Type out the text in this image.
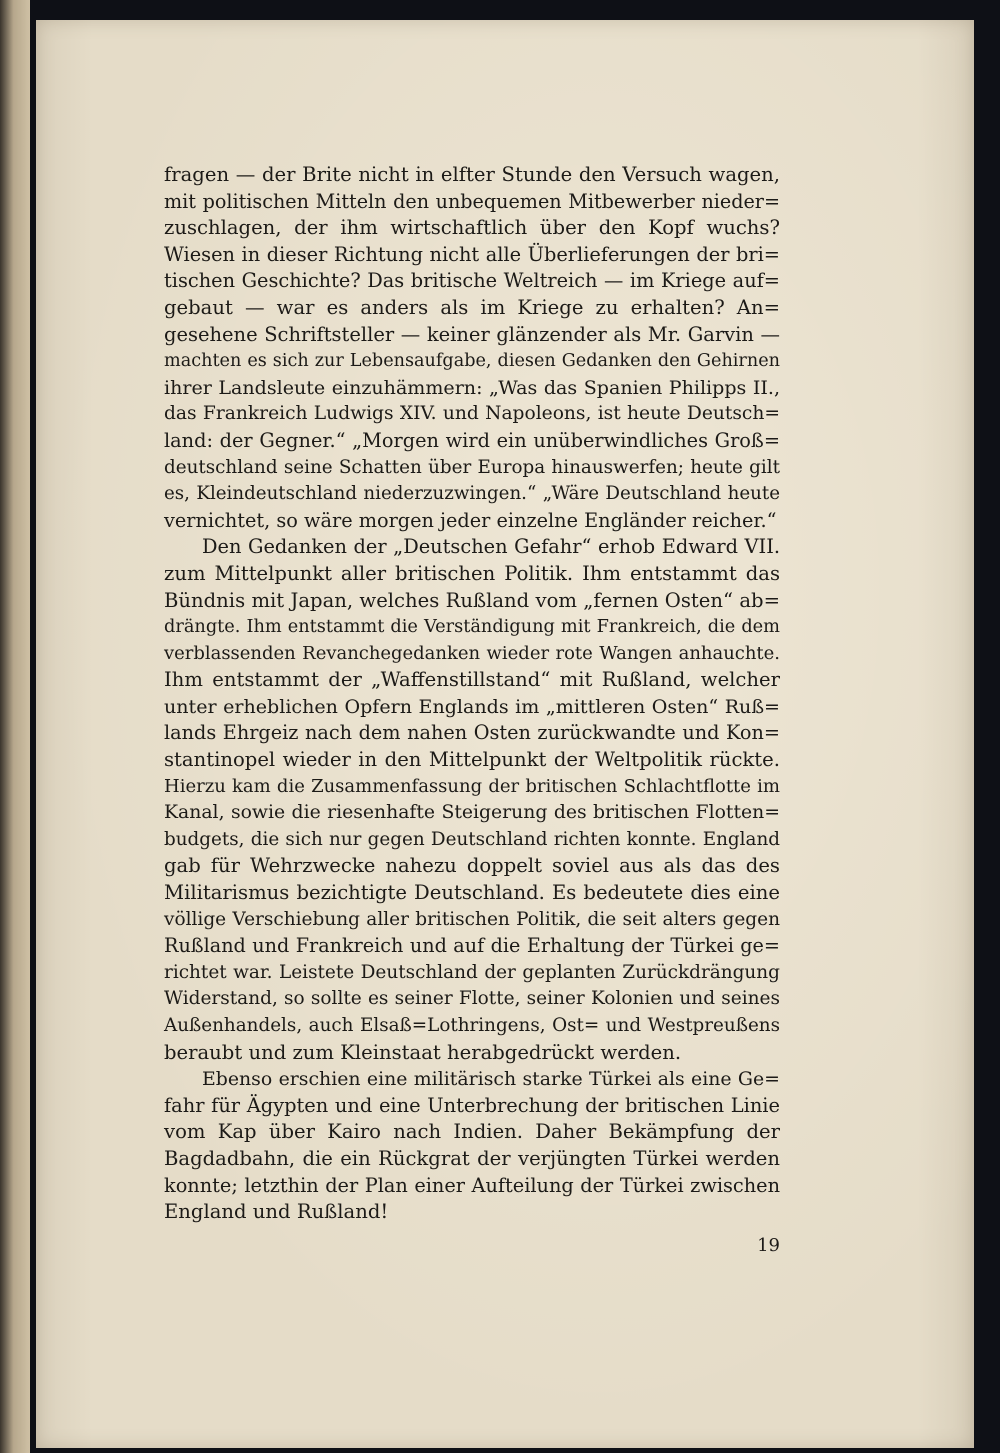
fragen — der Brite nicht in elfter Stunde den Versuch wagen,
mit politischen Mitteln den unbequemen Mitbewerber nieder=
zuschlagen, der ihm wirtschaftlich über den Kopf wuchs?
Wiesen in dieser Richtung nicht alle Überlieferungen der bri=
tischen Geschichte? Das britische Weltreich — im Kriege auf=
gebaut — war es anders als im Kriege zu erhalten? An=
gesehene Schriftsteller — keiner glänzender als Mr. Garvin —
machten es sich zur Lebensaufgabe, diesen Gedanken den Gehirnen
ihrer Landsleute einzuhämmern: „Was das Spanien Philipps II.,
das Frankreich Ludwigs XIV. und Napoleons, ist heute Deutsch=
land: der Gegner.“ „Morgen wird ein unüberwindliches Groß=
deutschland seine Schatten über Europa hinauswerfen; heute gilt
es, Kleindeutschland niederzuzwingen.“ „Wäre Deutschland heute
vernichtet, so wäre morgen jeder einzelne Engländer reicher.“
Den Gedanken der „Deutschen Gefahr“ erhob Edward VII.
zum Mittelpunkt aller britischen Politik. Ihm entstammt das
Bündnis mit Japan, welches Rußland vom „fernen Osten“ ab=
drängte. Ihm entstammt die Verständigung mit Frankreich, die dem
verblassenden Revanchegedanken wieder rote Wangen anhauchte.
Ihm entstammt der „Waffenstillstand“ mit Rußland, welcher
unter erheblichen Opfern Englands im „mittleren Osten“ Ruß=
lands Ehrgeiz nach dem nahen Osten zurückwandte und Kon=
stantinopel wieder in den Mittelpunkt der Weltpolitik rückte.
Hierzu kam die Zusammenfassung der britischen Schlachtflotte im
Kanal, sowie die riesenhafte Steigerung des britischen Flotten=
budgets, die sich nur gegen Deutschland richten konnte. England
gab für Wehrzwecke nahezu doppelt soviel aus als das des
Militarismus bezichtigte Deutschland. Es bedeutete dies eine
völlige Verschiebung aller britischen Politik, die seit alters gegen
Rußland und Frankreich und auf die Erhaltung der Türkei ge=
richtet war. Leistete Deutschland der geplanten Zurückdrängung
Widerstand, so sollte es seiner Flotte, seiner Kolonien und seines
Außenhandels, auch Elsaß=Lothringens, Ost= und Westpreußens
beraubt und zum Kleinstaat herabgedrückt werden.
Ebenso erschien eine militärisch starke Türkei als eine Ge=
fahr für Ägypten und eine Unterbrechung der britischen Linie
vom Kap über Kairo nach Indien. Daher Bekämpfung der
Bagdadbahn, die ein Rückgrat der verjüngten Türkei werden
konnte; letzthin der Plan einer Aufteilung der Türkei zwischen
England und Rußland!
19
